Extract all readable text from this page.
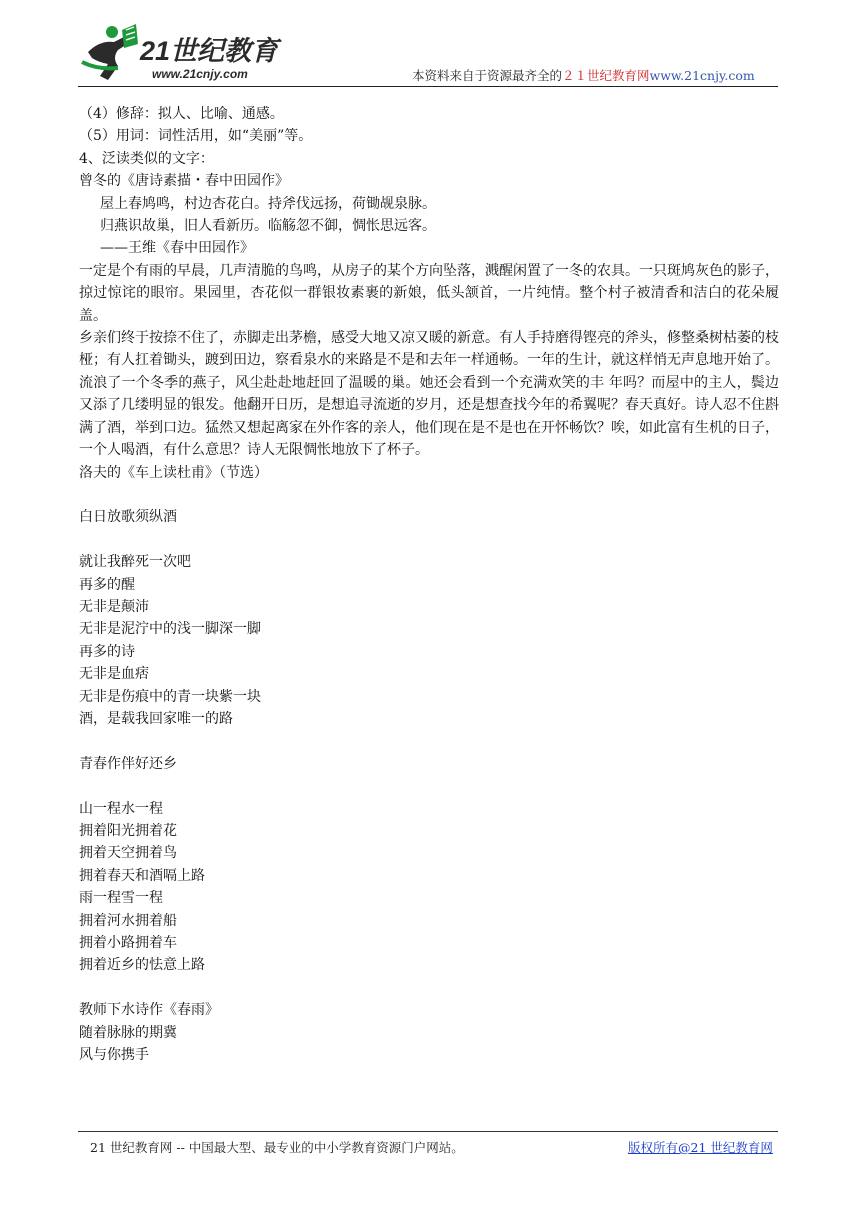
21世纪教育
www.21cnjy.com	本资料来自于资源最齐全的２１世纪教育网www.21cnjy.com
（4）修辞：拟人、比喻、通感。
（5）用词：词性活用，如“美丽”等。
4、泛读类似的文字：
曾冬的《唐诗素描・春中田园作》
屋上春鸠鸣，村边杏花白。持斧伐远扬，荷锄觇泉脉。
归燕识故巢，旧人看新历。临觞忽不御，惆怅思远客。
——王维《春中田园作》
一定是个有雨的早晨，几声清脆的鸟鸣，从房子的某个方向坠落，溅醒闲置了一冬的农具。一只斑鸠灰色的影子，掠过惊诧的眼帘。果园里，杏花似一群银妆素裹的新娘，低头颔首，一片纯情。整个村子被清香和洁白的花朵履盖。
乡亲们终于按捺不住了，赤脚走出茅檐，感受大地又凉又暖的新意。有人手持磨得铿亮的斧头，修整桑树枯萎的枝桠；有人扛着锄头，踱到田边，察看泉水的来路是不是和去年一样通畅。一年的生计，就这样悄无声息地开始了。
流浪了一个冬季的燕子，风尘赴赴地赶回了温暖的巢。她还会看到一个充满欢笑的丰 年吗？而屋中的主人，鬓边又添了几缕明显的银发。他翻开日历，是想追寻流逝的岁月，还是想查找今年的希翼呢？春天真好。诗人忍不住斟满了酒，举到口边。猛然又想起离家在外作客的亲人，他们现在是不是也在开怀畅饮？唉，如此富有生机的日子，一个人喝酒，有什么意思？诗人无限惆怅地放下了杯子。
洛夫的《车上读杜甫》（节选）
白日放歌须纵酒
就让我醉死一次吧
再多的醒
无非是颠沛
无非是泥泞中的浅一脚深一脚
再多的诗
无非是血痞
无非是伤痕中的青一块紫一块
酒，是载我回家唯一的路
青春作伴好还乡
山一程水一程
拥着阳光拥着花
拥着天空拥着鸟
拥着春天和酒嗝上路
雨一程雪一程
拥着河水拥着船
拥着小路拥着车
拥着近乡的怯意上路
教师下水诗作《春雨》
随着脉脉的期冀
风与你携手
21 世纪教育网 -- 中国最大型、最专业的中小学教育资源门户网站。	版权所有@21 世纪教育网
